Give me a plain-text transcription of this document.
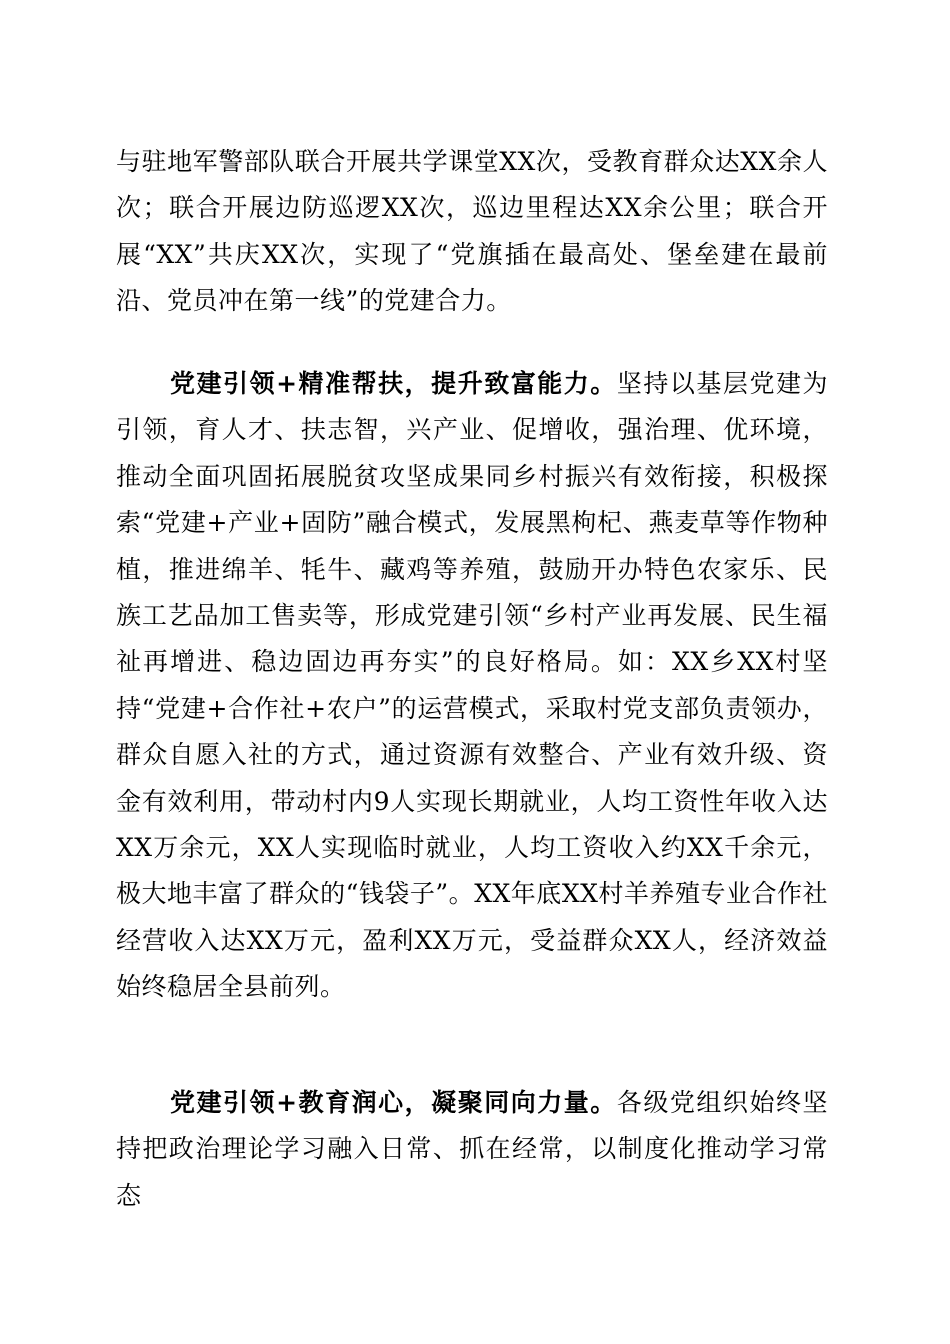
与驻地军警部队联合开展共学课堂XX次，受教育群众达XX余人次；联合开展边防巡逻XX次，巡边里程达XX余公里；联合开展“XX”共庆XX次，实现了“党旗插在最高处、堡垒建在最前沿、党员冲在第一线”的党建合力。

党建引领+精准帮扶，提升致富能力。坚持以基层党建为引领，育人才、扶志智，兴产业、促增收，强治理、优环境，推动全面巩固拓展脱贫攻坚成果同乡村振兴有效衔接，积极探索“党建+产业+固防”融合模式，发展黑枸杞、燕麦草等作物种植，推进绵羊、牦牛、藏鸡等养殖，鼓励开办特色农家乐、民族工艺品加工售卖等，形成党建引领“乡村产业再发展、民生福祉再增进、稳边固边再夯实”的良好格局。如：XX乡XX村坚持“党建+合作社+农户”的运营模式，采取村党支部负责领办，群众自愿入社的方式，通过资源有效整合、产业有效升级、资金有效利用，带动村内9人实现长期就业，人均工资性年收入达XX万余元，XX人实现临时就业，人均工资收入约XX千余元，极大地丰富了群众的“钱袋子”。XX年底XX村羊养殖专业合作社经营收入达XX万元，盈利XX万元，受益群众XX人，经济效益始终稳居全县前列。

党建引领+教育润心，凝聚同向力量。各级党组织始终坚持把政治理论学习融入日常、抓在经常，以制度化推动学习常态
